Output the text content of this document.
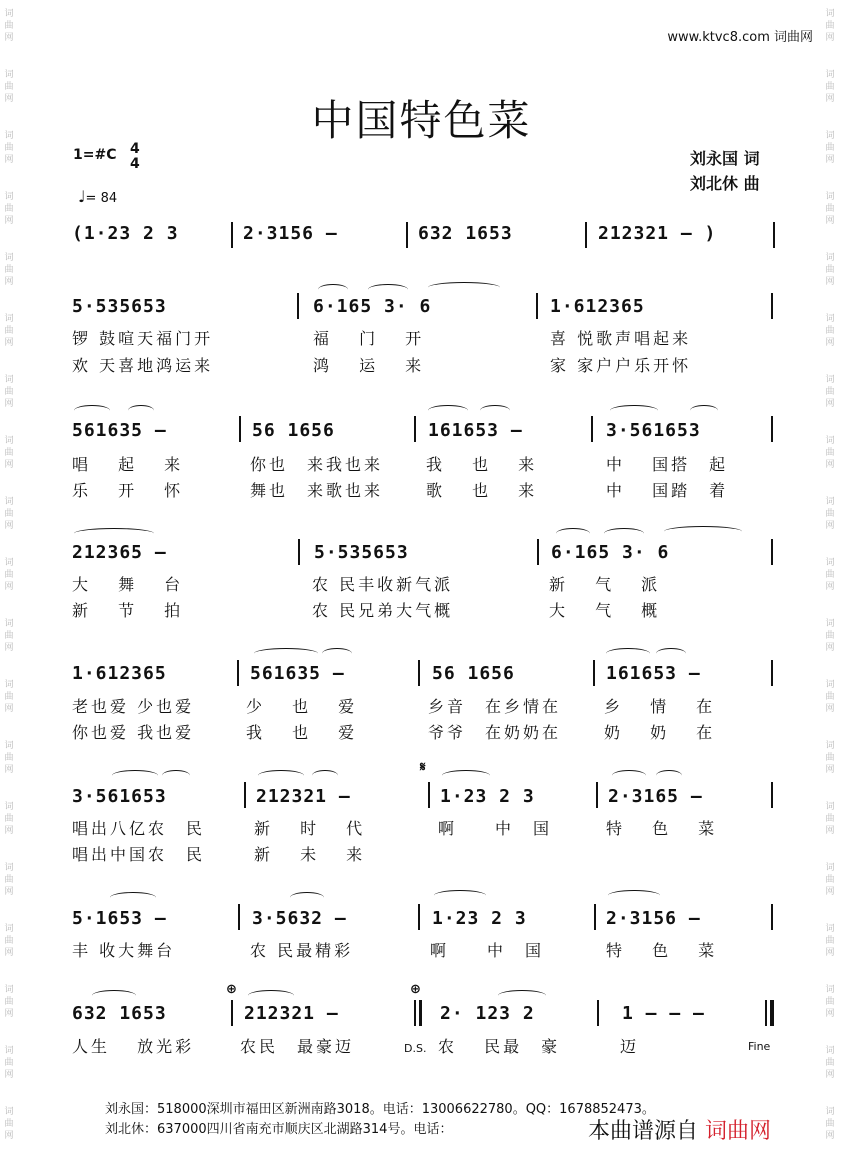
词曲网
词曲网
词曲网
词曲网
词曲网
词曲网
词曲网
词曲网
词曲网
词曲网
词曲网
词曲网
词曲网
词曲网
词曲网
词曲网
词曲网
词曲网
词曲网
词曲网
词曲网
词曲网
词曲网
词曲网
词曲网
词曲网
词曲网
词曲网
词曲网
词曲网
词曲网
词曲网
词曲网
词曲网
词曲网
词曲网
词曲网
词曲网
www.ktvc8.com 词曲网
中国特色菜
刘永国 词
刘北休 曲
1=#C 4
4
♩= 84
(1·23 2 3	2·3156 –	632 1653	212321 – )
5·535653	6·165 3· 6	1·612365
锣 鼓喧天福门开	福　 门　 开	喜 悦歌声唱起来
欢 天喜地鸿运来	鸿　 运　 来	家 家户户乐开怀
561635 –	56 1656	161653 –	3·561653
唱　 起　 来	你也　来我也来	我　 也　 来	中　 国搭　起
乐　 开　 怀	舞也　来歌也来	歌　 也　 来	中　 国踏　着
212365 –	5·535653	6·165 3· 6
大　 舞　 台	农 民丰收新气派	新　 气　 派
新　 节　 拍	农 民兄弟大气概	大　 气　 概
1·612365	561635 –	56 1656	161653 –
老也爱 少也爱	少　 也　 爱	乡音　在乡情在	乡　 情　 在
你也爱 我也爱	我　 也　 爱	爷爷　在奶奶在	奶　 奶　 在
𝄋
3·561653	212321 –	1·23 2 3	2·3165 –
唱出八亿农　民	新　 时　 代	啊　　中　国	特　 色　 菜
唱出中国农　民	新　 未　 来
5·1653 –	3·5632 –	1·23 2 3	2·3156 –
丰 收大舞台	农 民最精彩	啊　　中　国	特　 色　 菜
⊕	⊕
632 1653	212321 –	2· 123 2	1 – – –
人生　 放光彩	农民　最豪迈	农　 民最　豪	迈
D.S.	Fine
刘永国：518000深圳市福田区新洲南路3018。电话：13006622780。QQ：1678852473。
刘北休：637000四川省南充市顺庆区北湖路314号。电话：	本曲谱源自 词曲网
